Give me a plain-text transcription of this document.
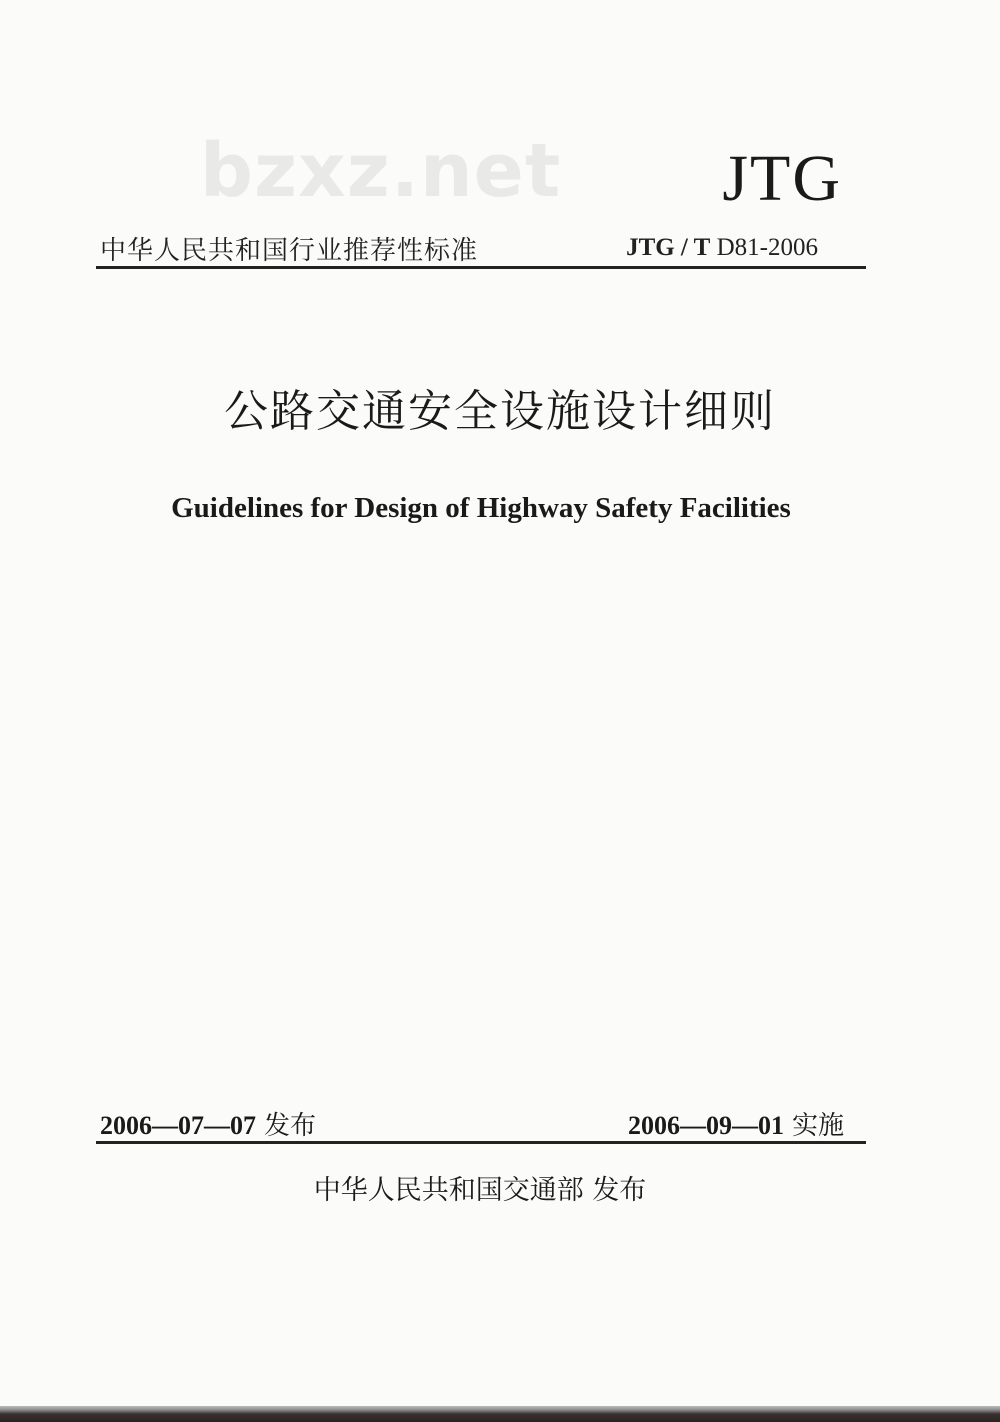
bzxz.net JTG
中华人民共和国行业推荐性标准	JTG / T D81-2006
公路交通安全设施设计细则
Guidelines for Design of Highway Safety Facilities
2006—07—07 发布	2006—09—01 实施
中华人民共和国交通部 发布
